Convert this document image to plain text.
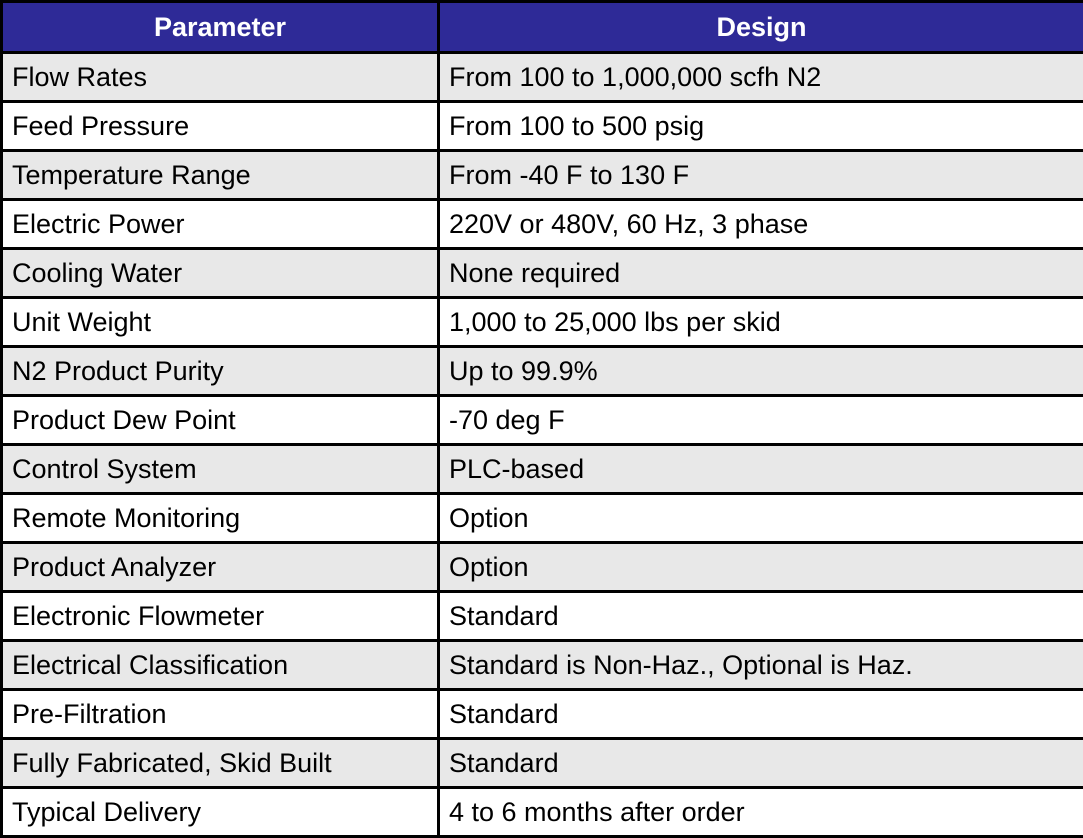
Parameter	Design
Flow Rates	From 100 to 1,000,000 scfh N2
Feed Pressure	From 100 to 500 psig
Temperature Range	From -40 F to 130 F
Electric Power	220V or 480V, 60 Hz, 3 phase
Cooling Water	None required
Unit Weight	1,000 to 25,000 lbs per skid
N2 Product Purity	Up to 99.9%
Product Dew Point	-70 deg F
Control System	PLC-based
Remote Monitoring	Option
Product Analyzer	Option
Electronic Flowmeter	Standard
Electrical Classification	Standard is Non-Haz., Optional is Haz.
Pre-Filtration	Standard
Fully Fabricated, Skid Built	Standard
Typical Delivery	4 to 6 months after order
